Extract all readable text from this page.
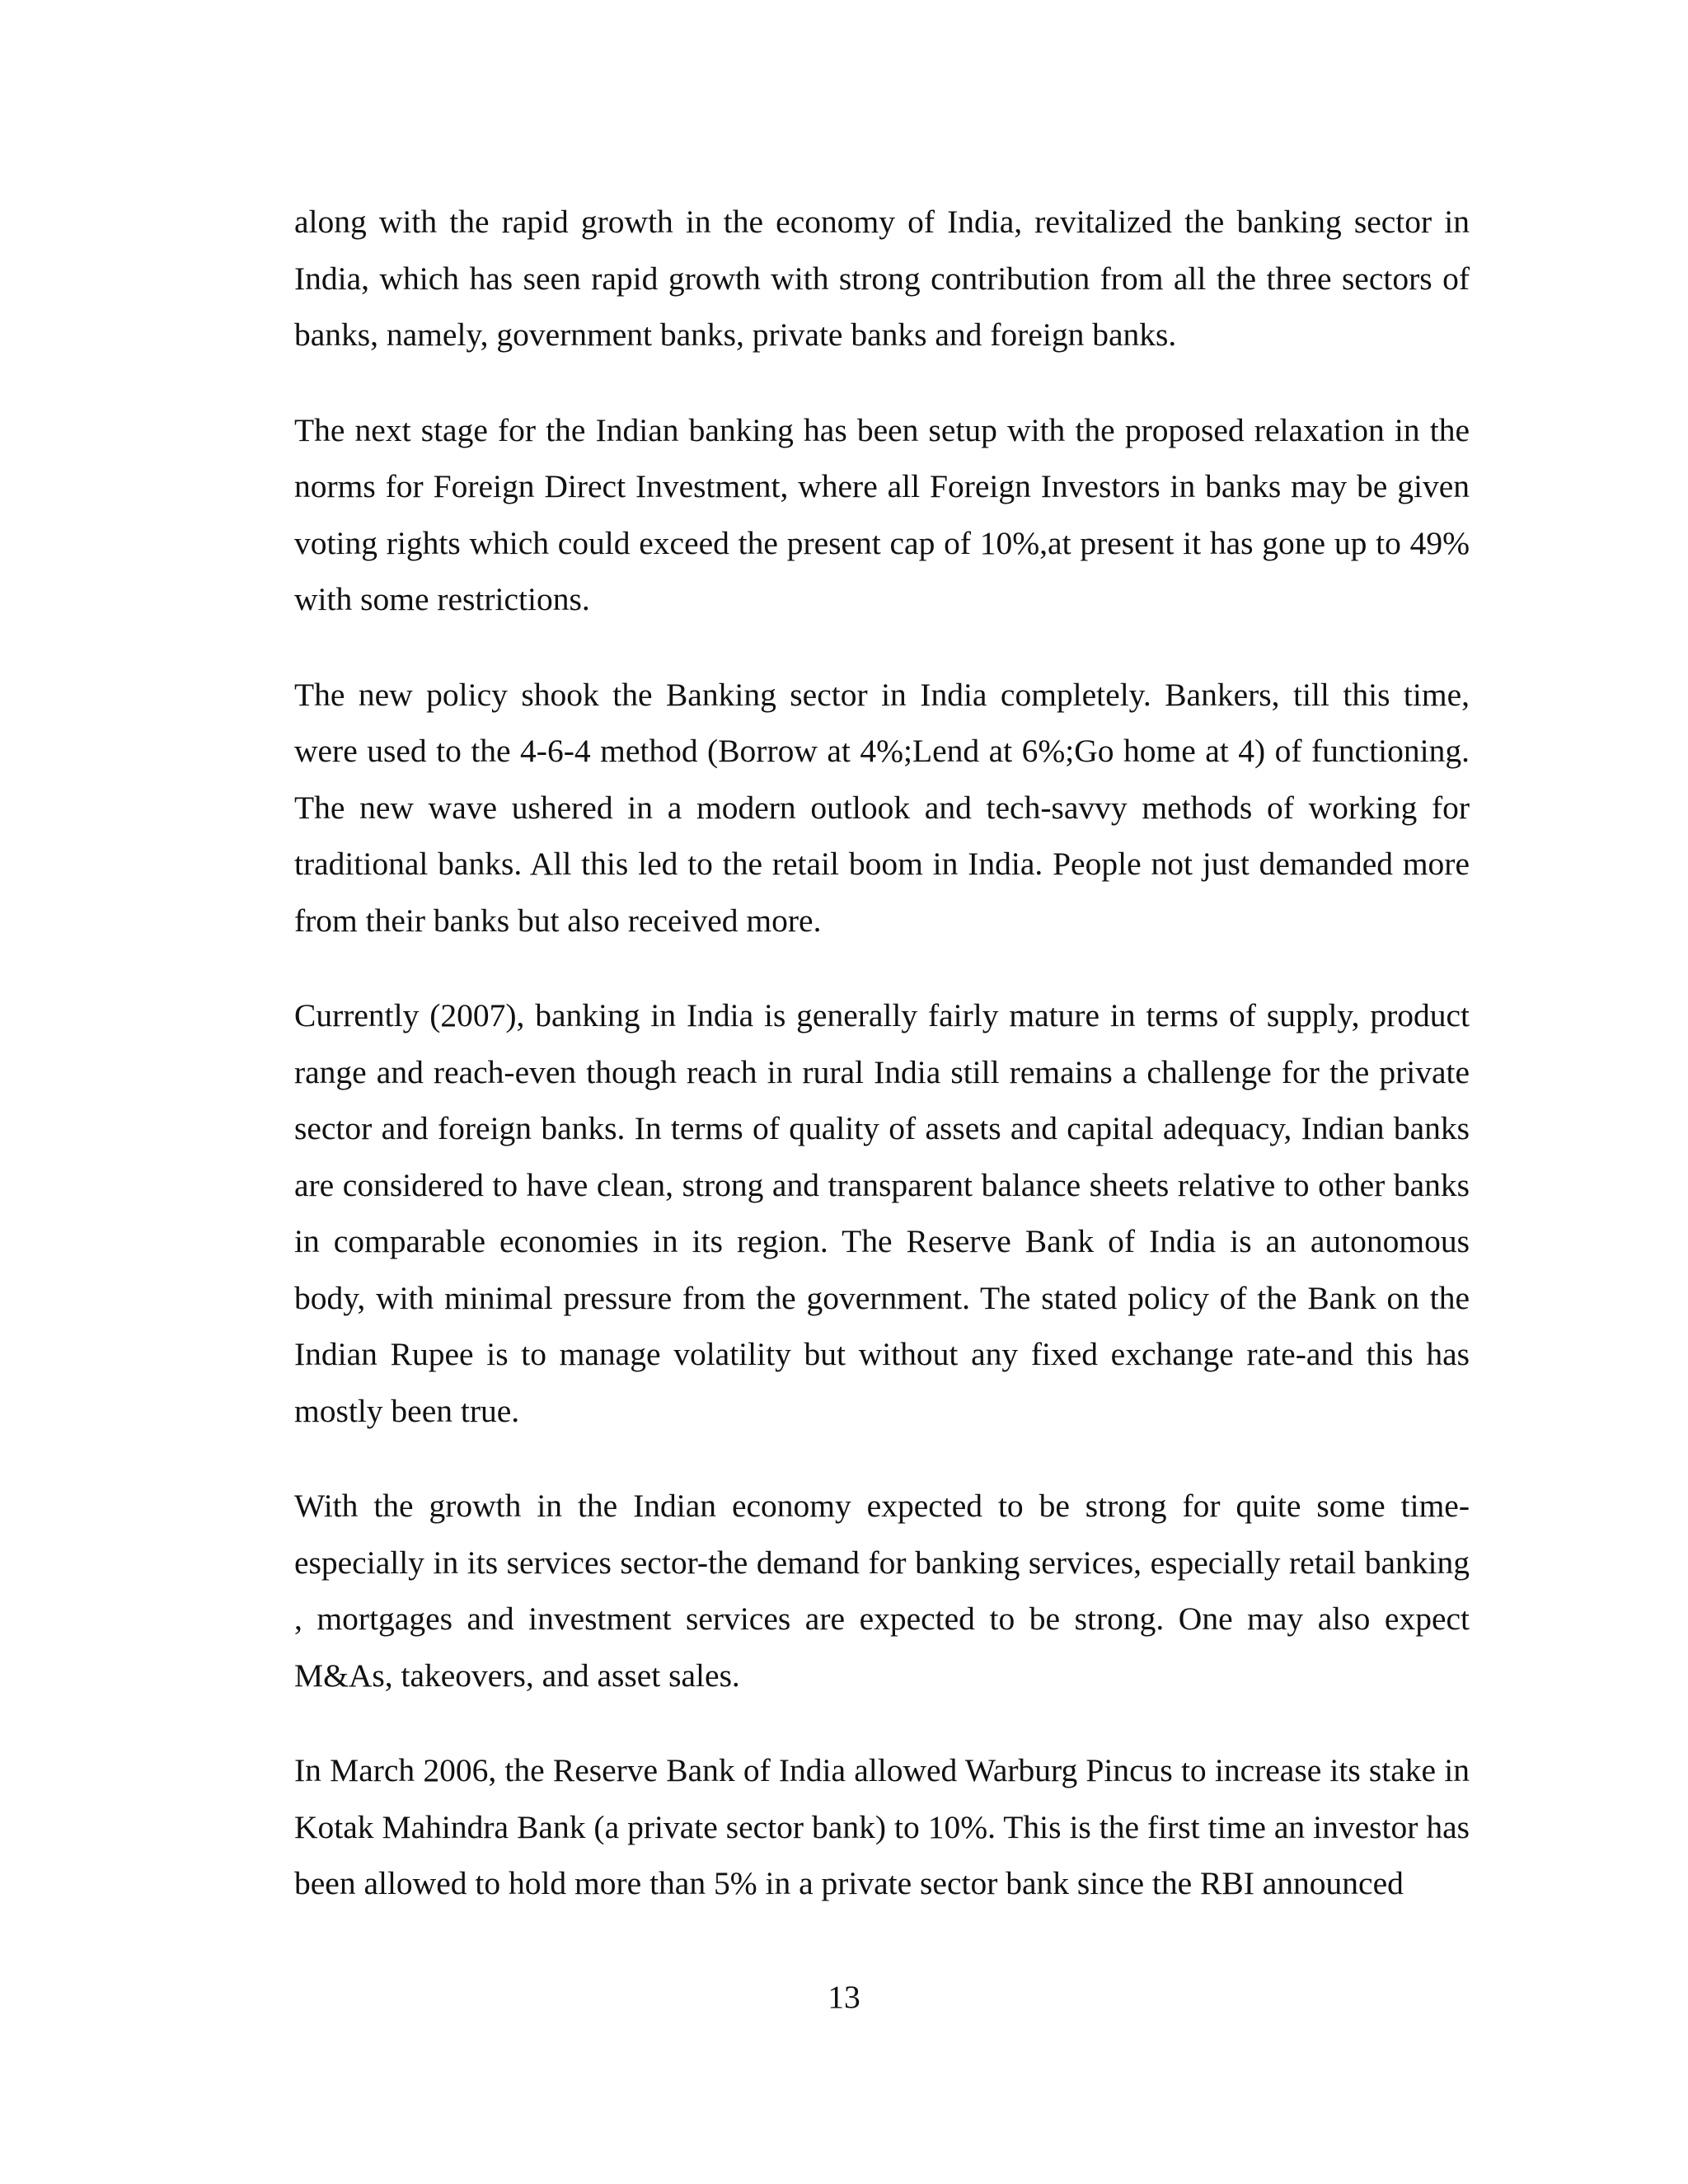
along with the rapid growth in the economy of India, revitalized the banking sector in India, which has seen rapid growth with strong contribution from all the three sectors of banks, namely, government banks, private banks and foreign banks.

The next stage for the Indian banking has been setup with the proposed relaxation in the norms for Foreign Direct Investment, where all Foreign Investors in banks may be given voting rights which could exceed the present cap of 10%,at present it has gone up to 49% with some restrictions.

The new policy shook the Banking sector in India completely. Bankers, till this time, were used to the 4-6-4 method (Borrow at 4%;Lend at 6%;Go home at 4) of functioning. The new wave ushered in a modern outlook and tech-savvy methods of working for traditional banks. All this led to the retail boom in India. People not just demanded more from their banks but also received more.

Currently (2007), banking in India is generally fairly mature in terms of supply, product range and reach-even though reach in rural India still remains a challenge for the private sector and foreign banks. In terms of quality of assets and capital adequacy, Indian banks are considered to have clean, strong and transparent balance sheets relative to other banks in comparable economies in its region. The Reserve Bank of India is an autonomous body, with minimal pressure from the government. The stated policy of the Bank on the Indian Rupee is to manage volatility but without any fixed exchange rate-and this has mostly been true.

With the growth in the Indian economy expected to be strong for quite some time-especially in its services sector-the demand for banking services, especially retail banking , mortgages and investment services are expected to be strong. One may also expect M&As, takeovers, and asset sales.

In March 2006, the Reserve Bank of India allowed Warburg Pincus to increase its stake in Kotak Mahindra Bank (a private sector bank) to 10%. This is the first time an investor has been allowed to hold more than 5% in a private sector bank since the RBI announced

13
